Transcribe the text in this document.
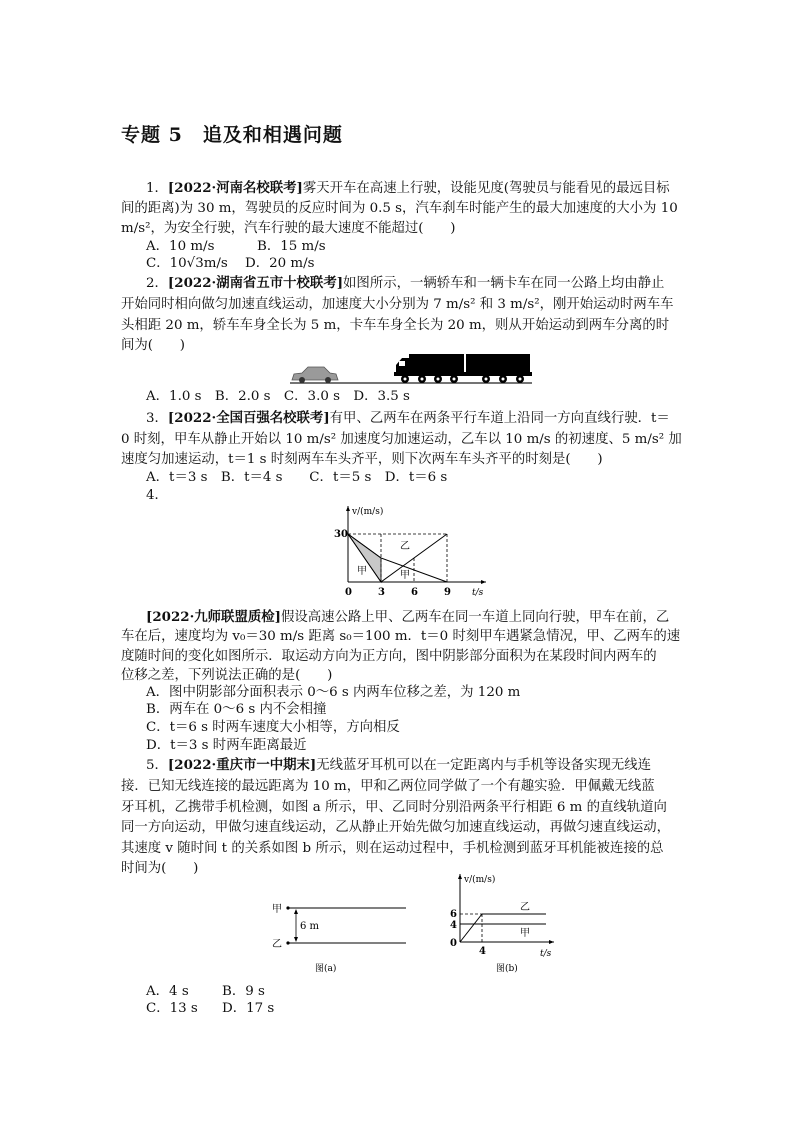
专题 5　追及和相遇问题
1．[2022·河南名校联考]雾天开车在高速上行驶，设能见度(驾驶员与能看见的最远目标
间的距离)为 30 m，驾驶员的反应时间为 0.5 s，汽车刹车时能产生的最大加速度的大小为 10
m/s²，为安全行驶，汽车行驶的最大速度不能超过(　　)
A．10 m/s	B．15 m/s
C．10√3m/s D．20 m/s
2．[2022·湖南省五市十校联考]如图所示，一辆轿车和一辆卡车在同一公路上均由静止
开始同时相向做匀加速直线运动，加速度大小分别为 7 m/s² 和 3 m/s²，刚开始运动时两车车
头相距 20 m，轿车车身全长为 5 m，卡车车身全长为 20 m，则从开始运动到两车分离的时
间为(　　)
A．1.0 s　B．2.0 s　C．3.0 s　D．3.5 s
3．[2022·全国百强名校联考]有甲、乙两车在两条平行车道上沿同一方向直线行驶．t＝
0 时刻，甲车从静止开始以 10 m/s² 加速度匀加速运动，乙车以 10 m/s 的初速度、5 m/s² 加
速度匀加速运动，t＝1 s 时刻两车车头齐平，则下次两车车头齐平的时刻是(　　)
A．t＝3 s　B．t＝4 s　　C．t＝5 s　D．t＝6 s
4．
v/(m/s)
t/s
30
0	3	6	9
甲	甲
乙
[2022·九师联盟质检]假设高速公路上甲、乙两车在同一车道上同向行驶，甲车在前，乙
车在后，速度均为 v₀＝30 m/s 距离 s₀＝100 m．t＝0 时刻甲车遇紧急情况，甲、乙两车的速
度随时间的变化如图所示．取运动方向为正方向，图中阴影部分面积为在某段时间内两车的
位移之差，下列说法正确的是(　　)
A．图中阴影部分面积表示 0～6 s 内两车位移之差，为 120 m
B．两车在 0～6 s 内不会相撞
C．t＝6 s 时两车速度大小相等，方向相反
D．t＝3 s 时两车距离最近
5．[2022·重庆市一中期末]无线蓝牙耳机可以在一定距离内与手机等设备实现无线连
接．已知无线连接的最远距离为 10 m，甲和乙两位同学做了一个有趣实验．甲佩戴无线蓝
牙耳机，乙携带手机检测，如图 a 所示，甲、乙同时分别沿两条平行相距 6 m 的直线轨道向
同一方向运动，甲做匀速直线运动，乙从静止开始先做匀加速直线运动，再做匀速直线运动，
其速度 v 随时间 t 的关系如图 b 所示，则在运动过程中，手机检测到蓝牙耳机能被连接的总
时间为(　　)
甲
乙
6 m
图(a)
v/(m/s)
t/s
6
4
0
4
乙
甲
图(b)
A．4 s B．9 s
C．13 s D．17 s
